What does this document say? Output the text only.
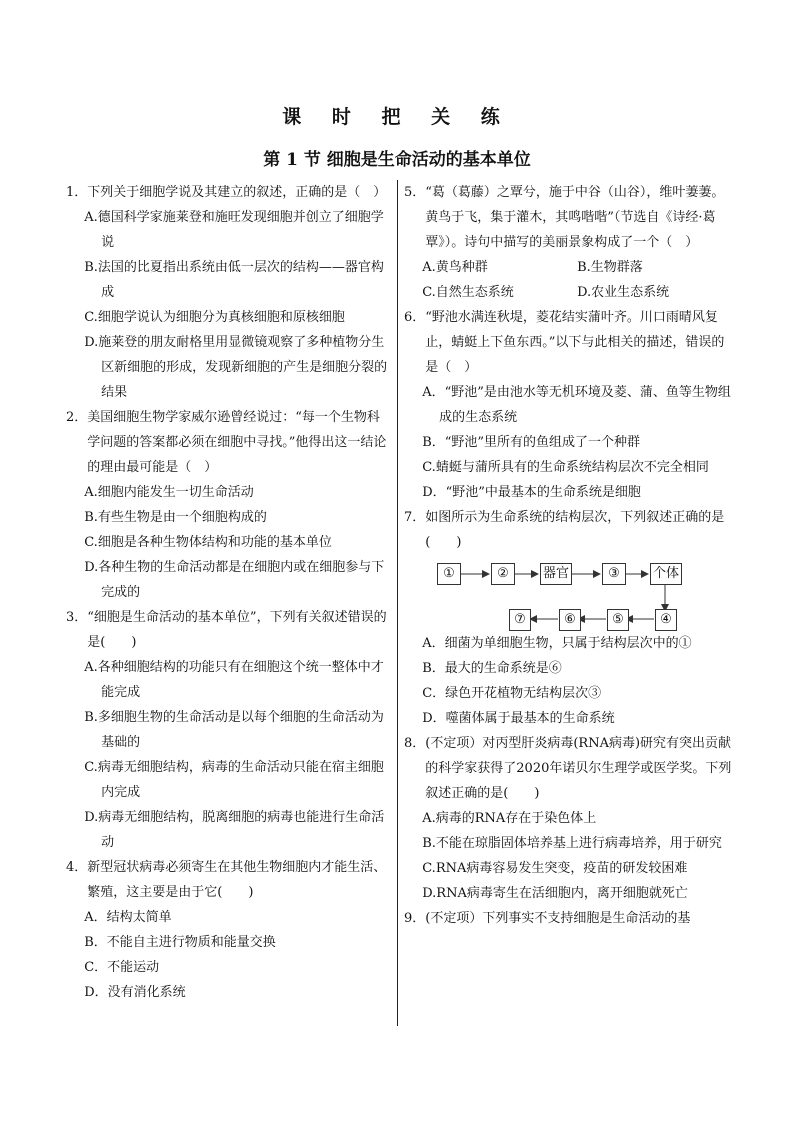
课 时 把 关 练
第 1 节 细胞是生命活动的基本单位
1． 下列关于细胞学说及其建立的叙述，正确的是（　）
A.德国科学家施莱登和施旺发现细胞并创立了细胞学说
B.法国的比夏指出系统由低一层次的结构——器官构成
C.细胞学说认为细胞分为真核细胞和原核细胞
D.施莱登的朋友耐格里用显微镜观察了多种植物分生区新细胞的形成，发现新细胞的产生是细胞分裂的结果
2． 美国细胞生物学家威尔逊曾经说过：“每一个生物科学问题的答案都必须在细胞中寻找。”他得出这一结论的理由最可能是（　）
A.细胞内能发生一切生命活动
B.有些生物是由一个细胞构成的
C.细胞是各种生物体结构和功能的基本单位
D.各种生物的生命活动都是在细胞内或在细胞参与下完成的
3． “细胞是生命活动的基本单位”，下列有关叙述错误的是(　　)
A.各种细胞结构的功能只有在细胞这个统一整体中才能完成
B.多细胞生物的生命活动是以每个细胞的生命活动为基础的
C.病毒无细胞结构，病毒的生命活动只能在宿主细胞内完成
D.病毒无细胞结构，脱离细胞的病毒也能进行生命活动
4． 新型冠状病毒必须寄生在其他生物细胞内才能生活、繁殖，这主要是由于它(　　)
A．结构太简单
B．不能自主进行物质和能量交换
C．不能运动
D．没有消化系统
5． “葛（葛藤）之覃兮，施于中谷（山谷），维叶萋萋。黄鸟于飞，集于灌木，其鸣喈喈”（节选自《诗经·葛覃》）。诗句中描写的美丽景象构成了一个（　）
A.黄鸟种群	B.生物群落
C.自然生态系统	D.农业生态系统
6． “野池水满连秋堤，菱花结实蒲叶齐。川口雨晴风复止，蜻蜓上下鱼东西。”以下与此相关的描述，错误的是（　）
A．“野池”是由池水等无机环境及菱、蒲、鱼等生物组成的生态系统
B．“野池”里所有的鱼组成了一个种群
C.蜻蜓与蒲所具有的生命系统结构层次不完全相同
D．“野池”中最基本的生命系统是细胞
7． 如图所示为生命系统的结构层次，下列叙述正确的是(　　)
①	②	器官	③	个体
④
⑤
⑥
⑦
A．细菌为单细胞生物，只属于结构层次中的①
B．最大的生命系统是⑥
C．绿色开花植物无结构层次③
D．噬菌体属于最基本的生命系统
8． (不定项）对丙型肝炎病毒(RNA病毒)研究有突出贡献的科学家获得了2020年诺贝尔生理学或医学奖。下列叙述正确的是(　　)
A.病毒的RNA存在于染色体上
B.不能在琼脂固体培养基上进行病毒培养，用于研究
C.RNA病毒容易发生突变，疫苗的研发较困难
D.RNA病毒寄生在活细胞内，离开细胞就死亡
9． (不定项）下列事实不支持细胞是生命活动的基
